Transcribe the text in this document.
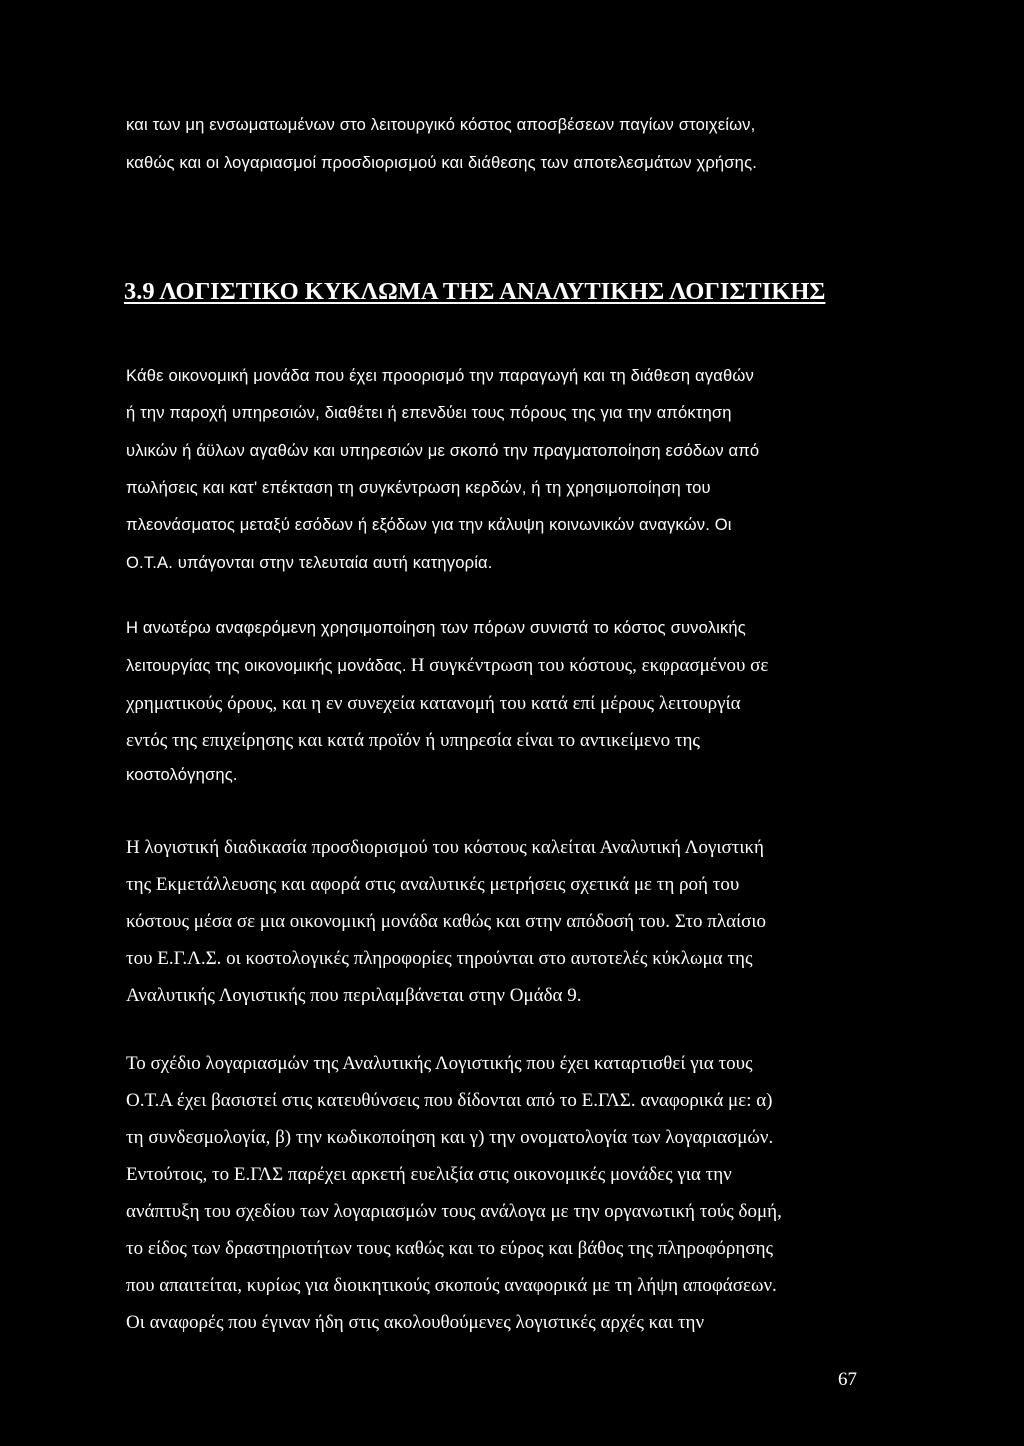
και των μη ενσωματωμένων στο λειτουργικό κόστος αποσβέσεων παγίων στοιχείων,

καθώς και οι λογαριασμοί προσδιορισμού και διάθεσης των αποτελεσμάτων χρήσης.

3.9 ΛΟΓΙΣΤΙΚΟ ΚΥΚΛΩΜΑ ΤΗΣ ΑΝΑΛΥΤΙΚΗΣ ΛΟΓΙΣΤΙΚΗΣ

Κάθε οικονομική μονάδα που έχει προορισμό την παραγωγή και τη διάθεση αγαθών

ή την παροχή υπηρεσιών, διαθέτει ή επενδύει τους πόρους της για την απόκτηση

υλικών ή άϋλων αγαθών και υπηρεσιών με σκοπό την πραγματοποίηση εσόδων από

πωλήσεις και κατ' επέκταση τη συγκέντρωση κερδών, ή τη χρησιμοποίηση του

πλεονάσματος μεταξύ εσόδων ή εξόδων για την κάλυψη κοινωνικών αναγκών. Οι

Ο.Τ.Α. υπάγονται στην τελευταία αυτή κατηγορία.

Η ανωτέρω αναφερόμενη χρησιμοποίηση των πόρων συνιστά το κόστος συνολικής

λειτουργίας της οικονομικής μονάδας. Η συγκέντρωση του κόστους, εκφρασμένου σε

χρηματικούς όρους, και η εν συνεχεία κατανομή του κατά επί μέρους λειτουργία

εντός της επιχείρησης και κατά προϊόν ή υπηρεσία είναι το αντικείμενο της

κοστολόγησης.

Η λογιστική διαδικασία προσδιορισμού του κόστους καλείται Αναλυτική Λογιστική

της Εκμετάλλευσης και αφορά στις αναλυτικές μετρήσεις σχετικά με τη ροή του

κόστους μέσα σε μια οικονομική μονάδα καθώς και στην απόδοσή του. Στο πλαίσιο

του Ε.Γ.Λ.Σ. οι κοστολογικές πληροφορίες τηρούνται στο αυτοτελές κύκλωμα της

Αναλυτικής Λογιστικής που περιλαμβάνεται στην Ομάδα 9.

Το σχέδιο λογαριασμών της Αναλυτικής Λογιστικής που έχει καταρτισθεί για τους

Ο.Τ.Α έχει βασιστεί στις κατευθύνσεις που δίδονται από το Ε.ΓΛΣ. αναφορικά με: α)

τη συνδεσμολογία, β) την κωδικοποίηση και γ) την ονοματολογία των λογαριασμών.

Εντούτοις, το Ε.ΓΛΣ παρέχει αρκετή ευελιξία στις οικονομικές μονάδες για την

ανάπτυξη του σχεδίου των λογαριασμών τους ανάλογα με την οργανωτική τούς δομή,

το είδος των δραστηριοτήτων τους καθώς και το εύρος και βάθος της πληροφόρησης

που απαιτείται, κυρίως για διοικητικούς σκοπούς αναφορικά με τη λήψη αποφάσεων.

Οι αναφορές που έγιναν ήδη στις ακολουθούμενες λογιστικές αρχές και την

67
